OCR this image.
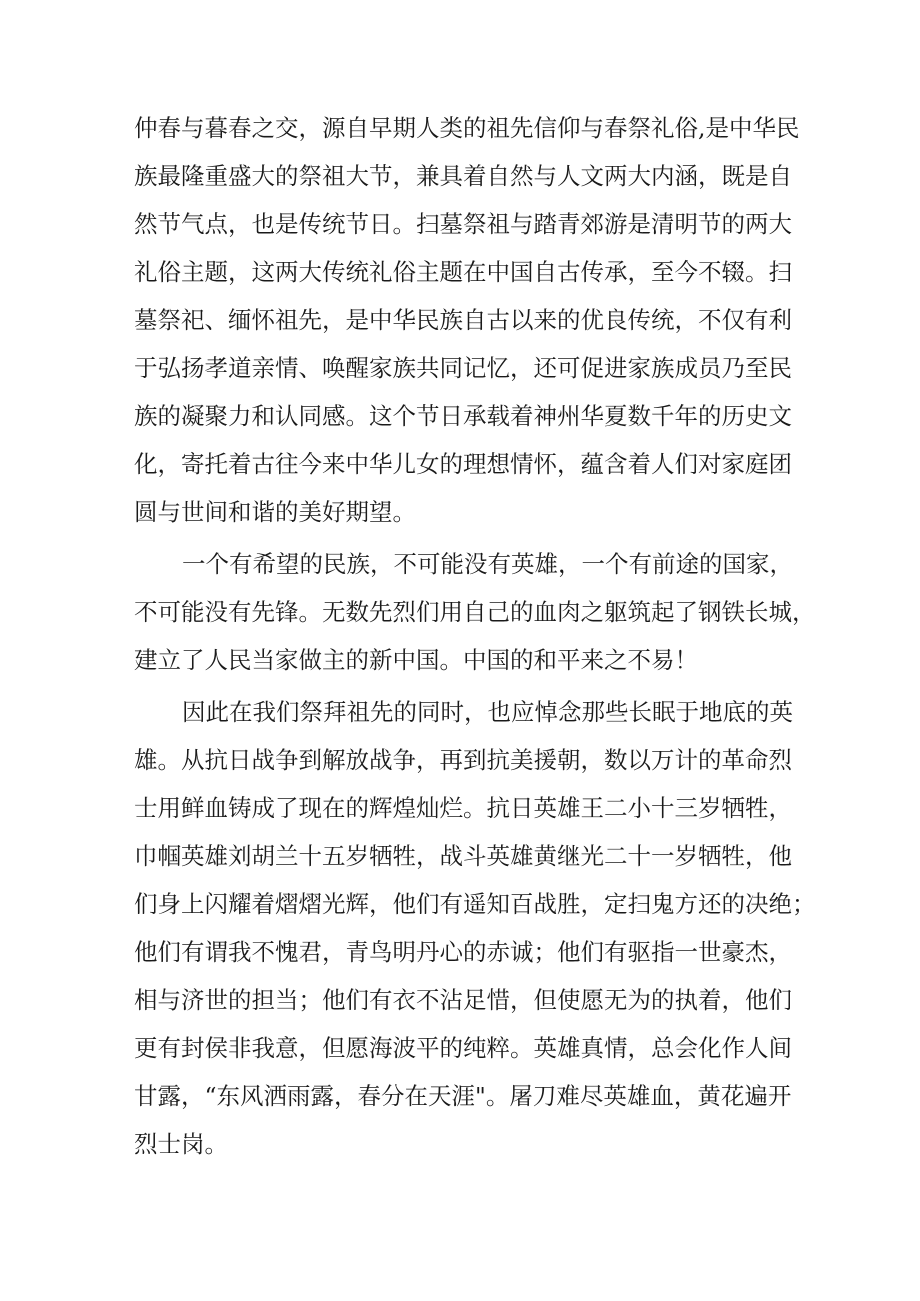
仲春与暮春之交，源自早期人类的祖先信仰与春祭礼俗,是中华民
族最隆重盛大的祭祖大节，兼具着自然与人文两大内涵，既是自
然节气点，也是传统节日。扫墓祭祖与踏青郊游是清明节的两大
礼俗主题，这两大传统礼俗主题在中国自古传承，至今不辍。扫
墓祭祀、缅怀祖先，是中华民族自古以来的优良传统，不仅有利
于弘扬孝道亲情、唤醒家族共同记忆，还可促进家族成员乃至民
族的凝聚力和认同感。这个节日承载着神州华夏数千年的历史文
化，寄托着古往今来中华儿女的理想情怀，蕴含着人们对家庭团
圆与世间和谐的美好期望。
一个有希望的民族，不可能没有英雄，一个有前途的国家，
不可能没有先锋。无数先烈们用自己的血肉之躯筑起了钢铁长城，
建立了人民当家做主的新中国。中国的和平来之不易！
因此在我们祭拜祖先的同时，也应悼念那些长眠于地底的英
雄。从抗日战争到解放战争，再到抗美援朝，数以万计的革命烈
士用鲜血铸成了现在的辉煌灿烂。抗日英雄王二小十三岁牺牲，
巾帼英雄刘胡兰十五岁牺牲，战斗英雄黄继光二十一岁牺牲，他
们身上闪耀着熠熠光辉，他们有遥知百战胜，定扫鬼方还的决绝；
他们有谓我不愧君，青鸟明丹心的赤诚；他们有驱指一世豪杰，
相与济世的担当；他们有衣不沾足惜，但使愿无为的执着，他们
更有封侯非我意，但愿海波平的纯粹。英雄真情，总会化作人间
甘露，“东风洒雨露，春分在天涯"。屠刀难尽英雄血，黄花遍开
烈士岗。
